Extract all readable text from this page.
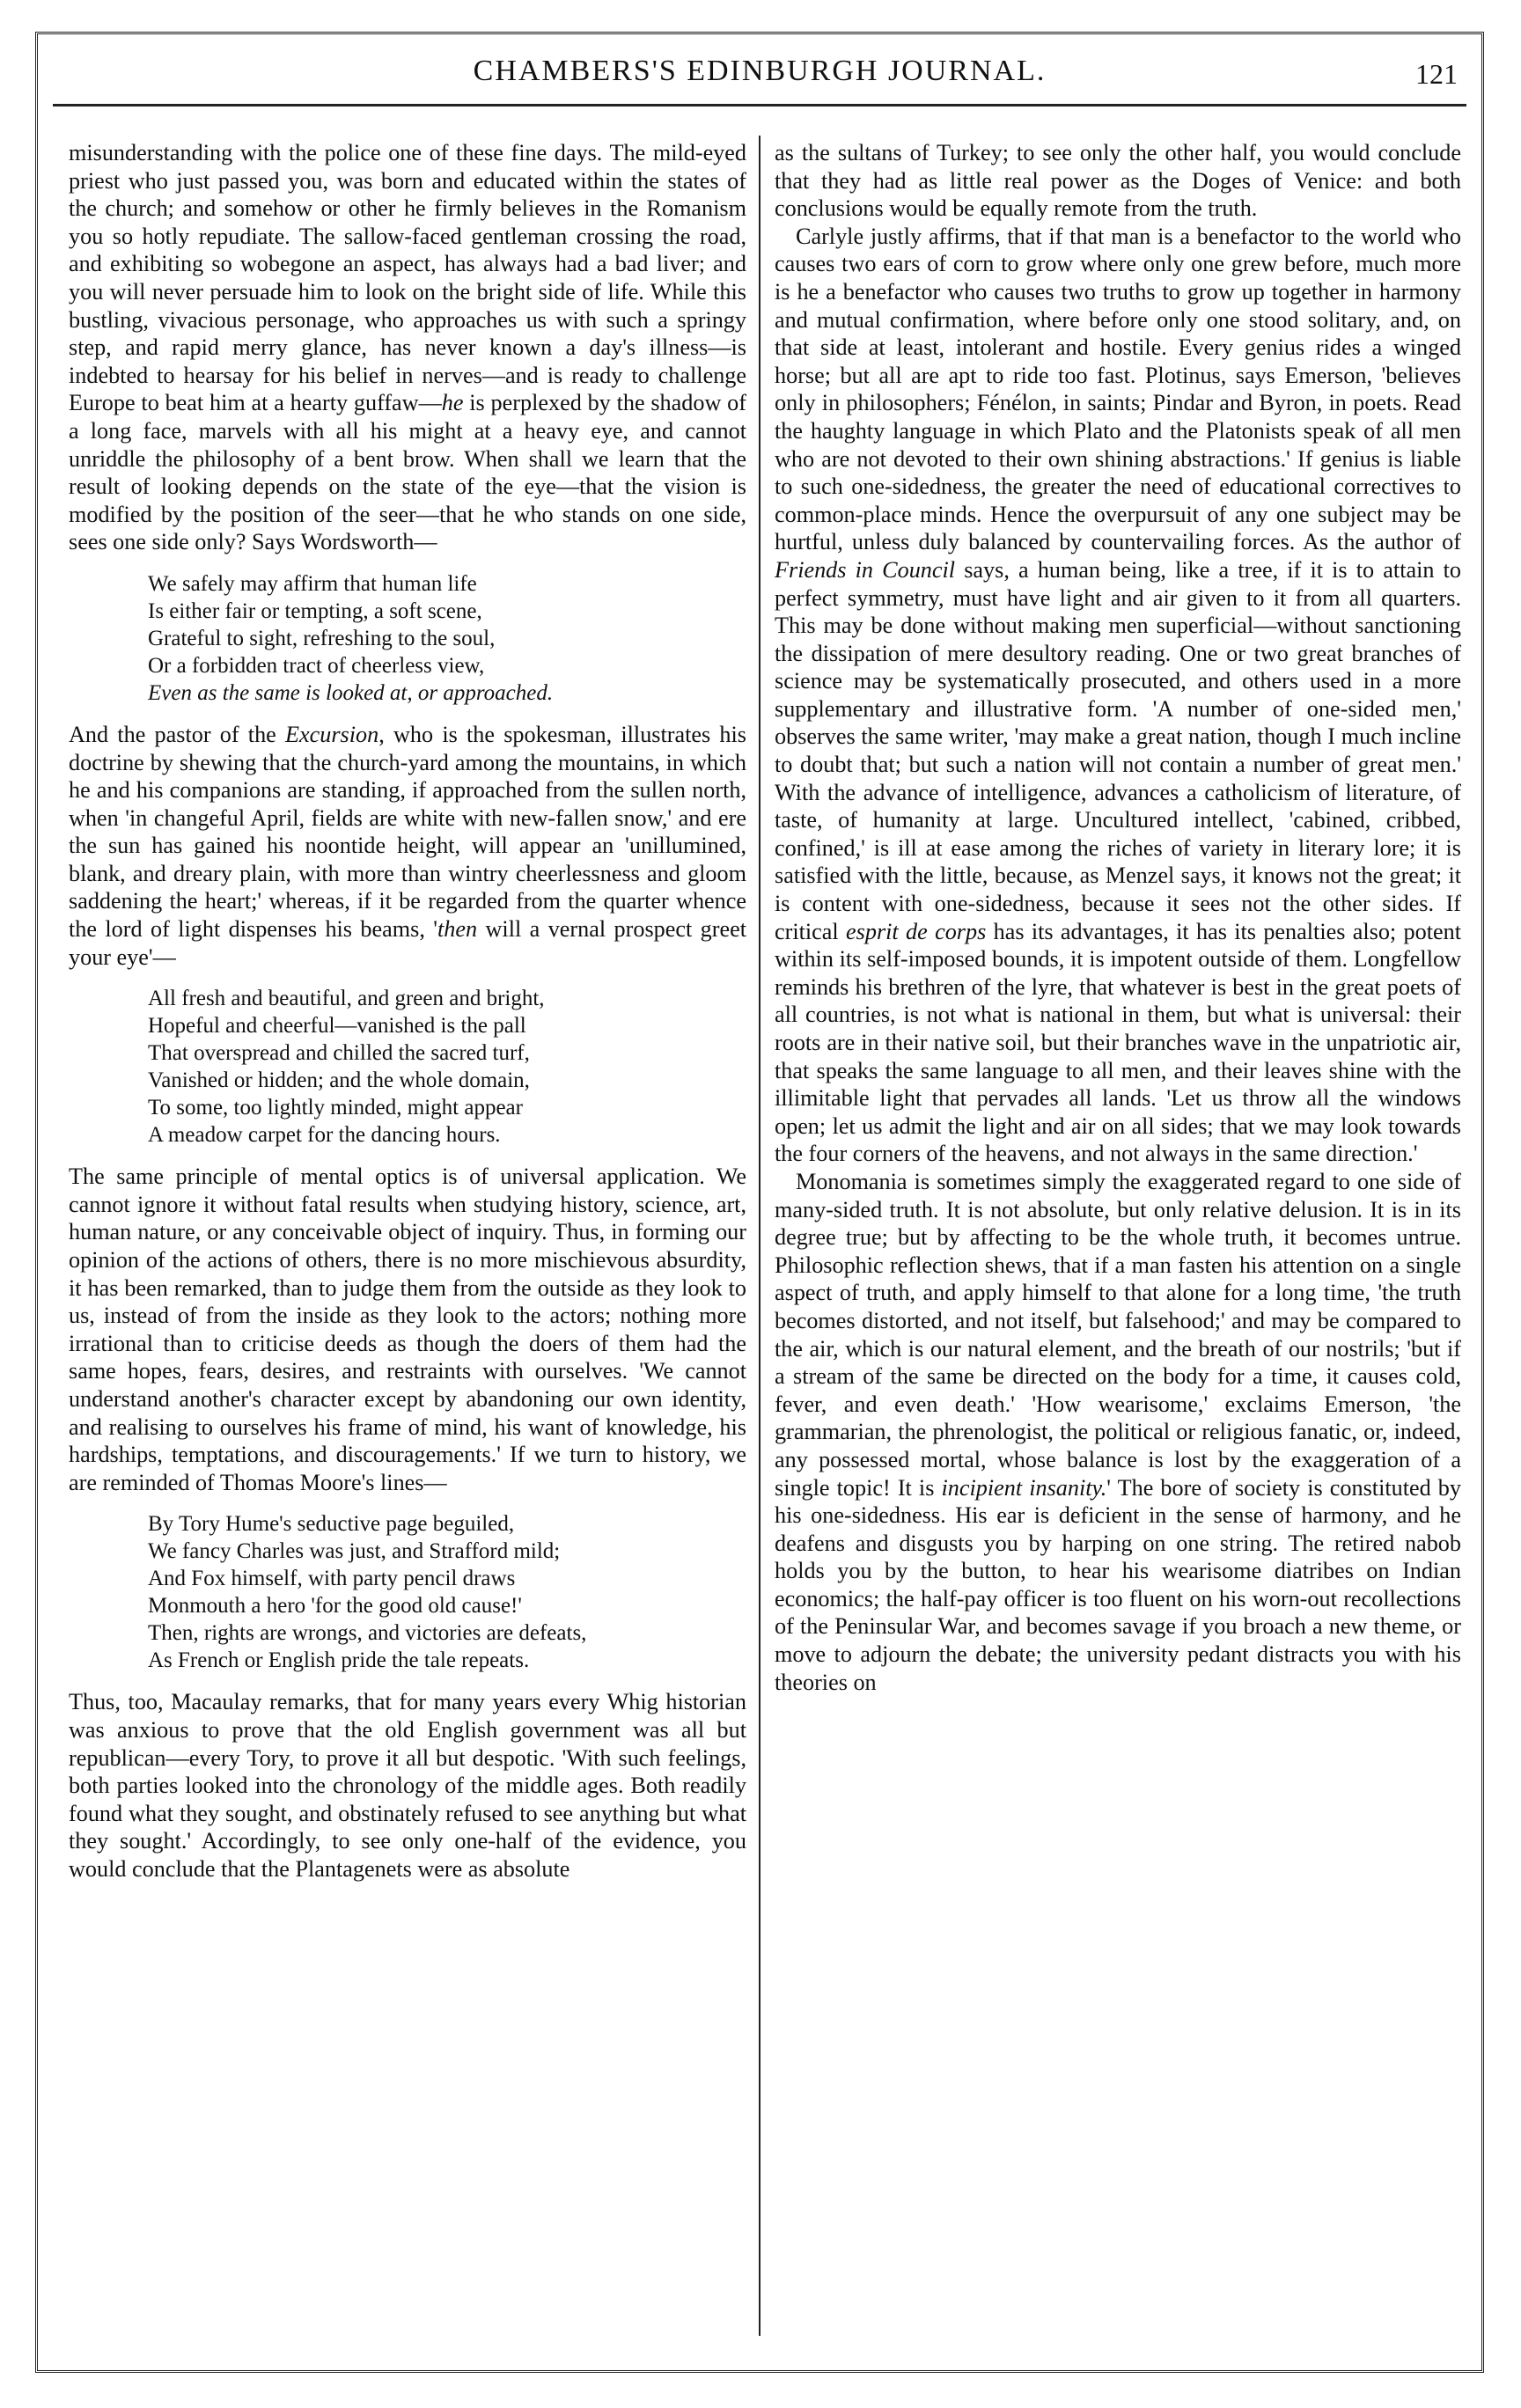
CHAMBERS'S EDINBURGH JOURNAL.	121

misunderstanding with the police one of these fine days. The mild-eyed priest who just passed you, was born and educated within the states of the church; and somehow or other he firmly believes in the Romanism you so hotly repudiate. The sallow-faced gentleman crossing the road, and exhibiting so wobegone an aspect, has always had a bad liver; and you will never persuade him to look on the bright side of life. While this bustling, vivacious personage, who approaches us with such a springy step, and rapid merry glance, has never known a day's illness—is indebted to hearsay for his belief in nerves—and is ready to challenge Europe to beat him at a hearty guffaw—he is perplexed by the shadow of a long face, marvels with all his might at a heavy eye, and cannot unriddle the philosophy of a bent brow. When shall we learn that the result of looking depends on the state of the eye—that the vision is modified by the position of the seer—that he who stands on one side, sees one side only? Says Wordsworth—

We safely may affirm that human life
Is either fair or tempting, a soft scene,
Grateful to sight, refreshing to the soul,
Or a forbidden tract of cheerless view,
Even as the same is looked at, or approached.

And the pastor of the Excursion, who is the spokesman, illustrates his doctrine by shewing that the church-yard among the mountains, in which he and his companions are standing, if approached from the sullen north, when 'in changeful April, fields are white with new-fallen snow,' and ere the sun has gained his noontide height, will appear an 'unillumined, blank, and dreary plain, with more than wintry cheerlessness and gloom saddening the heart;' whereas, if it be regarded from the quarter whence the lord of light dispenses his beams, 'then will a vernal prospect greet your eye'—

All fresh and beautiful, and green and bright,
Hopeful and cheerful—vanished is the pall
That overspread and chilled the sacred turf,
Vanished or hidden; and the whole domain,
To some, too lightly minded, might appear
A meadow carpet for the dancing hours.

The same principle of mental optics is of universal application. We cannot ignore it without fatal results when studying history, science, art, human nature, or any conceivable object of inquiry. Thus, in forming our opinion of the actions of others, there is no more mischievous absurdity, it has been remarked, than to judge them from the outside as they look to us, instead of from the inside as they look to the actors; nothing more irrational than to criticise deeds as though the doers of them had the same hopes, fears, desires, and restraints with ourselves. 'We cannot understand another's character except by abandoning our own identity, and realising to ourselves his frame of mind, his want of knowledge, his hardships, temptations, and discouragements.' If we turn to history, we are reminded of Thomas Moore's lines—

By Tory Hume's seductive page beguiled,
We fancy Charles was just, and Strafford mild;
And Fox himself, with party pencil draws
Monmouth a hero 'for the good old cause!'
Then, rights are wrongs, and victories are defeats,
As French or English pride the tale repeats.

Thus, too, Macaulay remarks, that for many years every Whig historian was anxious to prove that the old English government was all but republican—every Tory, to prove it all but despotic. 'With such feelings, both parties looked into the chronology of the middle ages. Both readily found what they sought, and obstinately refused to see anything but what they sought.' Accordingly, to see only one-half of the evidence, you would conclude that the Plantagenets were as absolute

as the sultans of Turkey; to see only the other half, you would conclude that they had as little real power as the Doges of Venice: and both conclusions would be equally remote from the truth.

Carlyle justly affirms, that if that man is a benefactor to the world who causes two ears of corn to grow where only one grew before, much more is he a benefactor who causes two truths to grow up together in harmony and mutual confirmation, where before only one stood solitary, and, on that side at least, intolerant and hostile. Every genius rides a winged horse; but all are apt to ride too fast. Plotinus, says Emerson, 'believes only in philosophers; Fénélon, in saints; Pindar and Byron, in poets. Read the haughty language in which Plato and the Platonists speak of all men who are not devoted to their own shining abstractions.' If genius is liable to such one-sidedness, the greater the need of educational correctives to common-place minds. Hence the overpursuit of any one subject may be hurtful, unless duly balanced by countervailing forces. As the author of Friends in Council says, a human being, like a tree, if it is to attain to perfect symmetry, must have light and air given to it from all quarters. This may be done without making men superficial—without sanctioning the dissipation of mere desultory reading. One or two great branches of science may be systematically prosecuted, and others used in a more supplementary and illustrative form. 'A number of one-sided men,' observes the same writer, 'may make a great nation, though I much incline to doubt that; but such a nation will not contain a number of great men.' With the advance of intelligence, advances a catholicism of literature, of taste, of humanity at large. Uncultured intellect, 'cabined, cribbed, confined,' is ill at ease among the riches of variety in literary lore; it is satisfied with the little, because, as Menzel says, it knows not the great; it is content with one-sidedness, because it sees not the other sides. If critical esprit de corps has its advantages, it has its penalties also; potent within its self-imposed bounds, it is impotent outside of them. Longfellow reminds his brethren of the lyre, that whatever is best in the great poets of all countries, is not what is national in them, but what is universal: their roots are in their native soil, but their branches wave in the unpatriotic air, that speaks the same language to all men, and their leaves shine with the illimitable light that pervades all lands. 'Let us throw all the windows open; let us admit the light and air on all sides; that we may look towards the four corners of the heavens, and not always in the same direction.'

Monomania is sometimes simply the exaggerated regard to one side of many-sided truth. It is not absolute, but only relative delusion. It is in its degree true; but by affecting to be the whole truth, it becomes untrue. Philosophic reflection shews, that if a man fasten his attention on a single aspect of truth, and apply himself to that alone for a long time, 'the truth becomes distorted, and not itself, but falsehood;' and may be compared to the air, which is our natural element, and the breath of our nostrils; 'but if a stream of the same be directed on the body for a time, it causes cold, fever, and even death.' 'How wearisome,' exclaims Emerson, 'the grammarian, the phrenologist, the political or religious fanatic, or, indeed, any possessed mortal, whose balance is lost by the exaggeration of a single topic! It is incipient insanity.' The bore of society is constituted by his one-sidedness. His ear is deficient in the sense of harmony, and he deafens and disgusts you by harping on one string. The retired nabob holds you by the button, to hear his wearisome diatribes on Indian economics; the half-pay officer is too fluent on his worn-out recollections of the Peninsular War, and becomes savage if you broach a new theme, or move to adjourn the debate; the university pedant distracts you with his theories on
